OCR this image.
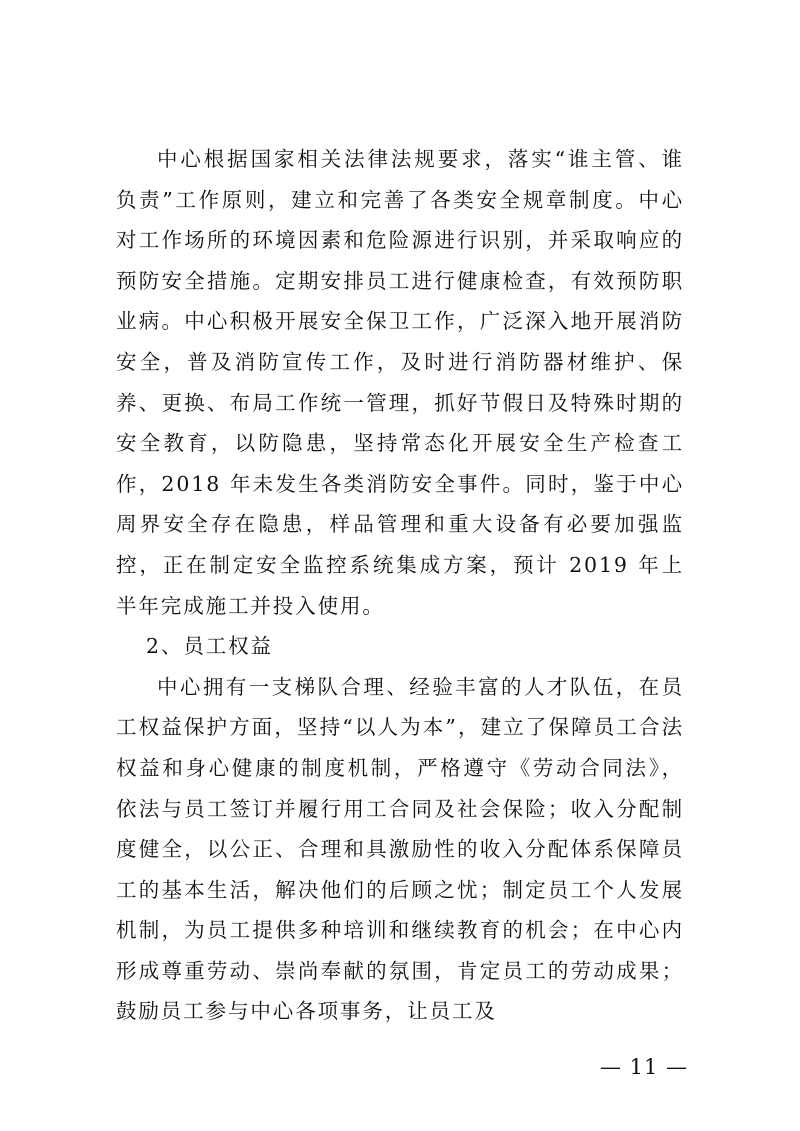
中心根据国家相关法律法规要求，落实“谁主管、谁负责”工作原则，建立和完善了各类安全规章制度。中心对工作场所的环境因素和危险源进行识别，并采取响应的预防安全措施。定期安排员工进行健康检查，有效预防职业病。中心积极开展安全保卫工作，广泛深入地开展消防安全，普及消防宣传工作，及时进行消防器材维护、保养、更换、布局工作统一管理，抓好节假日及特殊时期的安全教育，以防隐患，坚持常态化开展安全生产检查工作，2018 年未发生各类消防安全事件。同时，鉴于中心周界安全存在隐患，样品管理和重大设备有必要加强监控，正在制定安全监控系统集成方案，预计 2019 年上半年完成施工并投入使用。

2、员工权益

中心拥有一支梯队合理、经验丰富的人才队伍，在员工权益保护方面，坚持“以人为本”，建立了保障员工合法权益和身心健康的制度机制，严格遵守《劳动合同法》，依法与员工签订并履行用工合同及社会保险；收入分配制度健全，以公正、合理和具激励性的收入分配体系保障员工的基本生活，解决他们的后顾之忧；制定员工个人发展机制，为员工提供多种培训和继续教育的机会；在中心内形成尊重劳动、崇尚奉献的氛围，肯定员工的劳动成果；鼓励员工参与中心各项事务，让员工及

— 11 —
